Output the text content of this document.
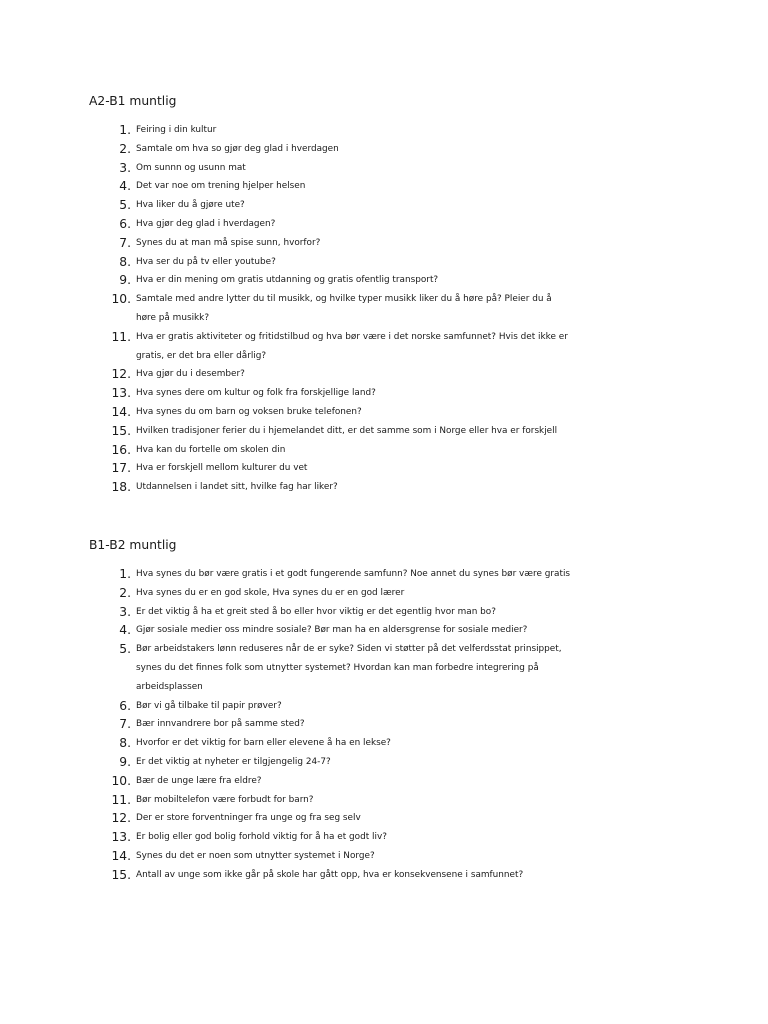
A2-B1 muntlig
1. Feiring i din kultur
2. Samtale om hva so gjør deg glad i hverdagen
3. Om sunnn og usunn mat
4. Det var noe om trening hjelper helsen
5. Hva liker du å gjøre ute?
6. Hva gjør deg glad i hverdagen?
7. Synes du at man må spise sunn, hvorfor?
8. Hva ser du på tv eller youtube?
9. Hva er din mening om gratis utdanning og gratis ofentlig transport?
10. Samtale med andre lytter du til musikk, og hvilke typer musikk liker du å høre på? Pleier du å
høre på musikk?
11. Hva er gratis aktiviteter og fritidstilbud og hva bør være i det norske samfunnet? Hvis det ikke er
gratis, er det bra eller dårlig?
12. Hva gjør du i desember?
13. Hva synes dere om kultur og folk fra forskjellige land?
14. Hva synes du om barn og voksen bruke telefonen?
15. Hvilken tradisjoner ferier du i hjemelandet ditt, er det samme som i Norge eller hva er forskjell
16. Hva kan du fortelle om skolen din
17. Hva er forskjell mellom kulturer du vet
18. Utdannelsen i landet sitt, hvilke fag har liker?
B1-B2 muntlig
1. Hva synes du bør være gratis i et godt fungerende samfunn? Noe annet du synes bør være gratis
2. Hva synes du er en god skole, Hva synes du er en god lærer
3. Er det viktig å ha et greit sted å bo eller hvor viktig er det egentlig hvor man bo?
4. Gjør sosiale medier oss mindre sosiale? Bør man ha en aldersgrense for sosiale medier?
5. Bør arbeidstakers lønn reduseres når de er syke? Siden vi støtter på det velferdsstat prinsippet,
synes du det finnes folk som utnytter systemet? Hvordan kan man forbedre integrering på
arbeidsplassen
6. Bør vi gå tilbake til papir prøver?
7. Bær innvandrere bor på samme sted?
8. Hvorfor er det viktig for barn eller elevene å ha en lekse?
9. Er det viktig at nyheter er tilgjengelig 24-7?
10. Bær de unge lære fra eldre?
11. Bør mobiltelefon være forbudt for barn?
12. Der er store forventninger fra unge og fra seg selv
13. Er bolig eller god bolig forhold viktig for å ha et godt liv?
14. Synes du det er noen som utnytter systemet i Norge?
15. Antall av unge som ikke går på skole har gått opp, hva er konsekvensene i samfunnet?
